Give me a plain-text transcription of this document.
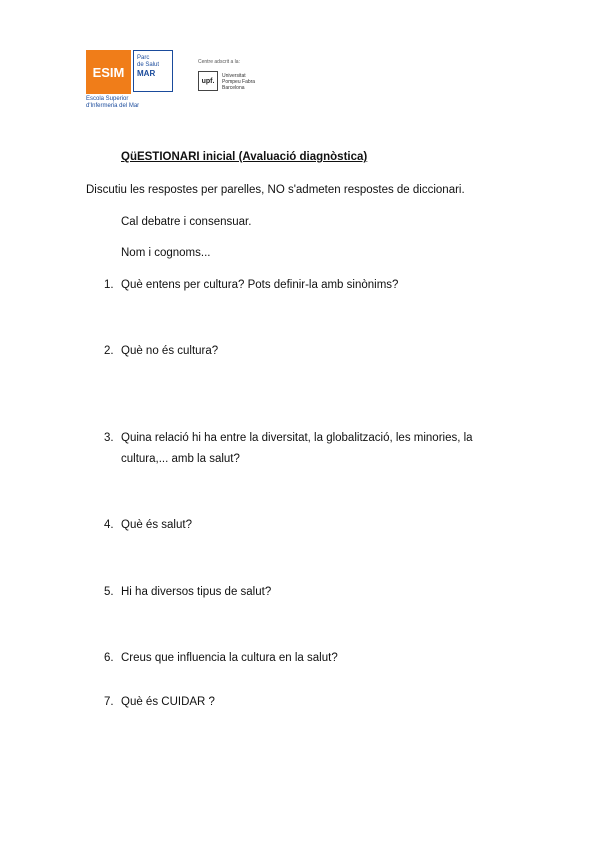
ESIM
Parc
de Salut
MAR
Escola Superior
d'Infermeria del Mar
Centre adscrit a la:
upf.
Universitat
Pompeu Fabra
Barcelona
QüESTIONARI inicial (Avaluació diagnòstica)
Discutiu les respostes per parelles, NO s'admeten respostes de diccionari.
Cal debatre i consensuar.
Nom i cognoms...
1. Què entens per cultura? Pots definir-la amb sinònims?
2. Què no és cultura?
3. Quina relació hi ha entre la diversitat, la globalització, les minories, la cultura,... amb la salut?
4. Què és salut?
5. Hi ha diversos tipus de salut?
6. Creus que influencia la cultura en la salut?
7. Què és CUIDAR ?
